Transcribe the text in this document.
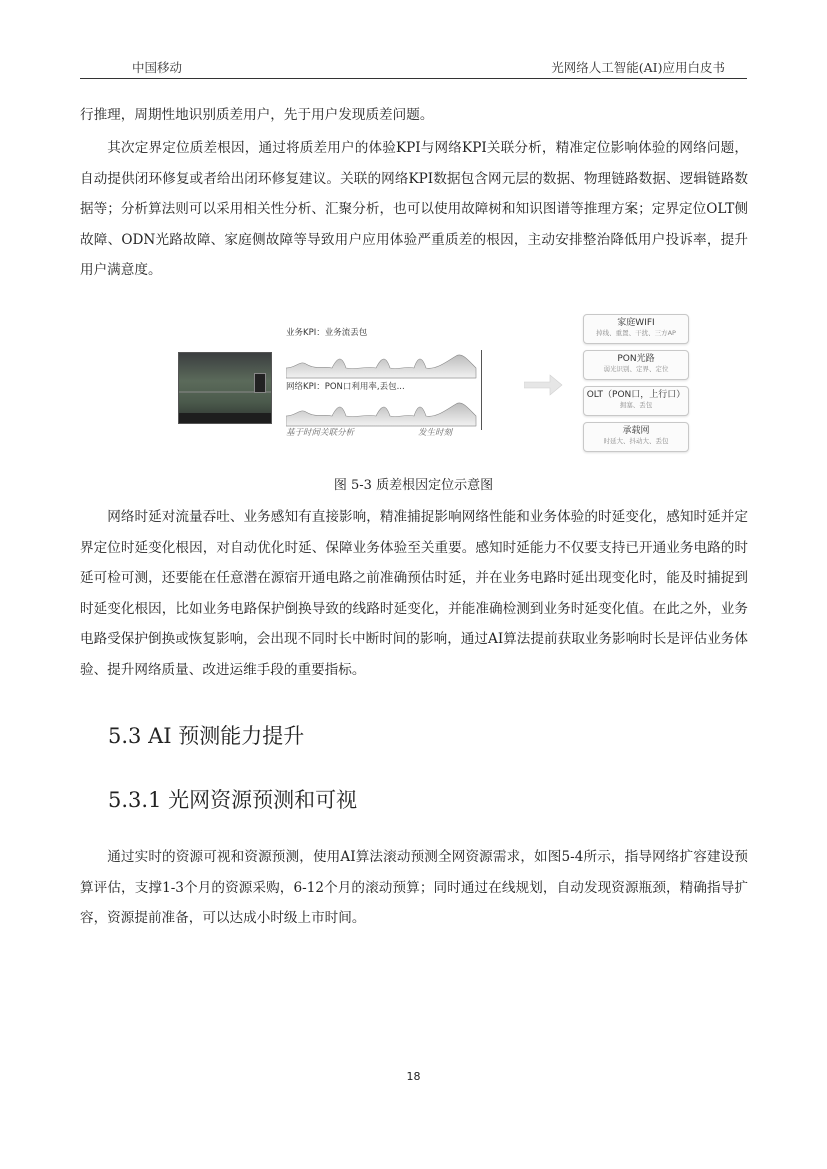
中国移动	光网络人工智能(AI)应用白皮书

行推理，周期性地识别质差用户，先于用户发现质差问题。

其次定界定位质差根因，通过将质差用户的体验KPI与网络KPI关联分析，精准定位影响体验的网络问题，自动提供闭环修复或者给出闭环修复建议。关联的网络KPI数据包含网元层的数据、物理链路数据、逻辑链路数据等；分析算法则可以采用相关性分析、汇聚分析，也可以使用故障树和知识图谱等推理方案；定界定位OLT侧故障、ODN光路故障、家庭侧故障等导致用户应用体验严重质差的根因，主动安排整治降低用户投诉率，提升用户满意度。

业务KPI：业务流丢包
网络KPI：PON口利用率,丢包...
基于时间关联分析	发生时刻
家庭WIFI
掉线、重置、干扰、三方AP
PON光路
弱光识别、定界、定位
OLT（PON口，上行口）
拥塞、丢包
承载网
时延大、抖动大、丢包
图 5-3 质差根因定位示意图

网络时延对流量吞吐、业务感知有直接影响，精准捕捉影响网络性能和业务体验的时延变化，感知时延并定界定位时延变化根因，对自动优化时延、保障业务体验至关重要。感知时延能力不仅要支持已开通业务电路的时延可检可测，还要能在任意潜在源宿开通电路之前准确预估时延，并在业务电路时延出现变化时，能及时捕捉到时延变化根因，比如业务电路保护倒换导致的线路时延变化，并能准确检测到业务时延变化值。在此之外，业务电路受保护倒换或恢复影响，会出现不同时长中断时间的影响，通过AI算法提前获取业务影响时长是评估业务体验、提升网络质量、改进运维手段的重要指标。

5.3 AI 预测能力提升
5.3.1 光网资源预测和可视

通过实时的资源可视和资源预测，使用AI算法滚动预测全网资源需求，如图5-4所示，指导网络扩容建设预算评估，支撑1-3个月的资源采购，6-12个月的滚动预算；同时通过在线规划，自动发现资源瓶颈，精确指导扩容，资源提前准备，可以达成小时级上市时间。

18
